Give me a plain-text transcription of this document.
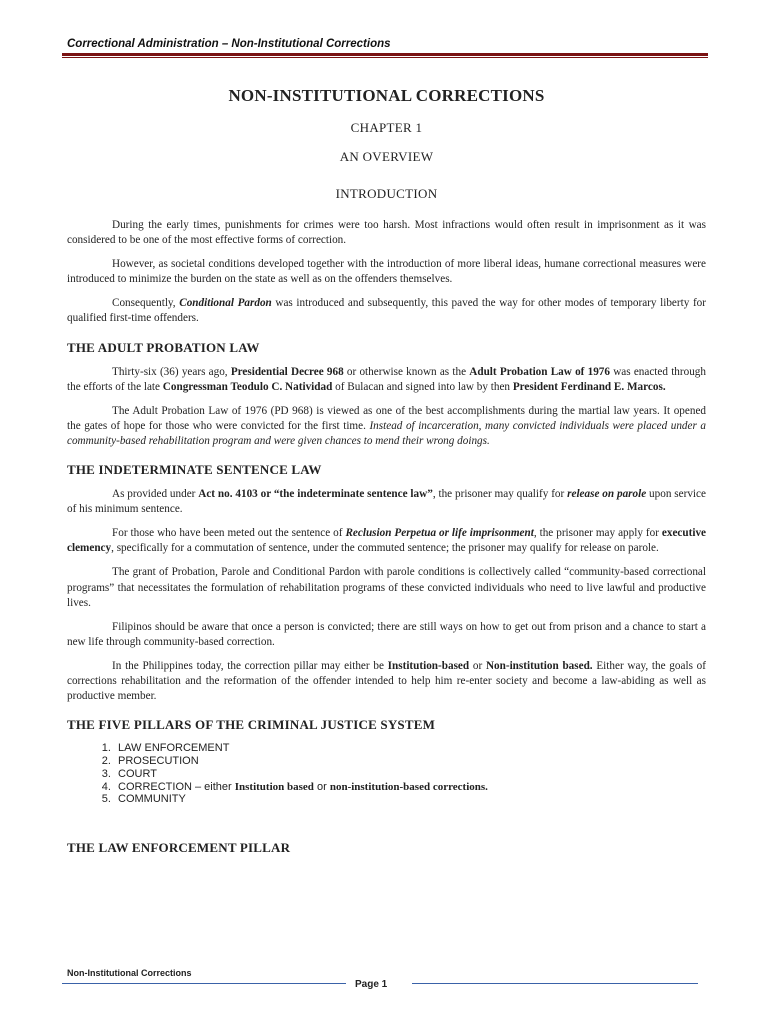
Correctional Administration – Non-Institutional Corrections
NON-INSTITUTIONAL CORRECTIONS
CHAPTER 1
AN OVERVIEW
INTRODUCTION

During the early times, punishments for crimes were too harsh. Most infractions would often result in imprisonment as it was considered to be one of the most effective forms of correction.

However, as societal conditions developed together with the introduction of more liberal ideas, humane correctional measures were introduced to minimize the burden on the state as well as on the offenders themselves.

Consequently, Conditional Pardon was introduced and subsequently, this paved the way for other modes of temporary liberty for qualified first-time offenders.

THE ADULT PROBATION LAW

Thirty-six (36) years ago, Presidential Decree 968 or otherwise known as the Adult Probation Law of 1976 was enacted through the efforts of the late Congressman Teodulo C. Natividad of Bulacan and signed into law by then President Ferdinand E. Marcos.

The Adult Probation Law of 1976 (PD 968) is viewed as one of the best accomplishments during the martial law years. It opened the gates of hope for those who were convicted for the first time. Instead of incarceration, many convicted individuals were placed under a community-based rehabilitation program and were given chances to mend their wrong doings.

THE INDETERMINATE SENTENCE LAW

As provided under Act no. 4103 or “the indeterminate sentence law”, the prisoner may qualify for release on parole upon service of his minimum sentence.

For those who have been meted out the sentence of Reclusion Perpetua or life imprisonment, the prisoner may apply for executive clemency, specifically for a commutation of sentence, under the commuted sentence; the prisoner may qualify for release on parole.

The grant of Probation, Parole and Conditional Pardon with parole conditions is collectively called “community-based correctional programs” that necessitates the formulation of rehabilitation programs of these convicted individuals who need to live lawful and productive lives.

Filipinos should be aware that once a person is convicted; there are still ways on how to get out from prison and a chance to start a new life through community-based correction.

In the Philippines today, the correction pillar may either be Institution-based or Non-institution based. Either way, the goals of corrections rehabilitation and the reformation of the offender intended to help him re-enter society and become a law-abiding as well as productive member.

THE FIVE PILLARS OF THE CRIMINAL JUSTICE SYSTEM
1. LAW ENFORCEMENT
2. PROSECUTION
3. COURT
4. CORRECTION – either Institution based or non-institution-based corrections.
5. COMMUNITY
THE LAW ENFORCEMENT PILLAR
Non-Institutional Corrections
Page 1
